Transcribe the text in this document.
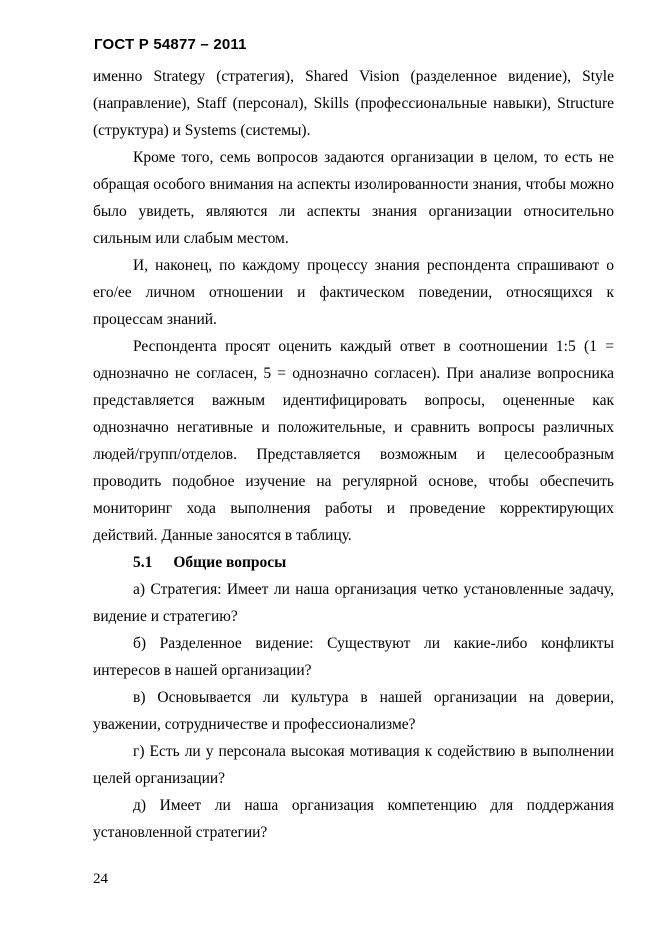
ГОСТ Р 54877 – 2011

именно Strategy (стратегия), Shared Vision (разделенное видение), Style (направление), Staff (персонал), Skills (профессиональные навыки), Structure (структура) и Systems (системы).

Кроме того, семь вопросов задаются организации в целом, то есть не обращая особого внимания на аспекты изолированности знания, чтобы можно было увидеть, являются ли аспекты знания организации относительно сильным или слабым местом.

И, наконец, по каждому процессу знания респондента спрашивают о его/ее личном отношении и фактическом поведении, относящихся к процессам знаний.

Респондента просят оценить каждый ответ в соотношении 1:5 (1 = однозначно не согласен, 5 = однозначно согласен). При анализе вопросника представляется важным идентифицировать вопросы, оцененные как однозначно негативные и положительные, и сравнить вопросы различных людей/групп/отделов. Представляется возможным и целесообразным проводить подобное изучение на регулярной основе, чтобы обеспечить мониторинг хода выполнения работы и проведение корректирующих действий. Данные заносятся в таблицу.

5.1 Общие вопросы

а) Стратегия: Имеет ли наша организация четко установленные задачу, видение и стратегию?

б) Разделенное видение: Существуют ли какие-либо конфликты интересов в нашей организации?

в) Основывается ли культура в нашей организации на доверии, уважении, сотрудничестве и профессионализме?

г) Есть ли у персонала высокая мотивация к содействию в выполнении целей организации?

д) Имеет ли наша организация компетенцию для поддержания установленной стратегии?

24
